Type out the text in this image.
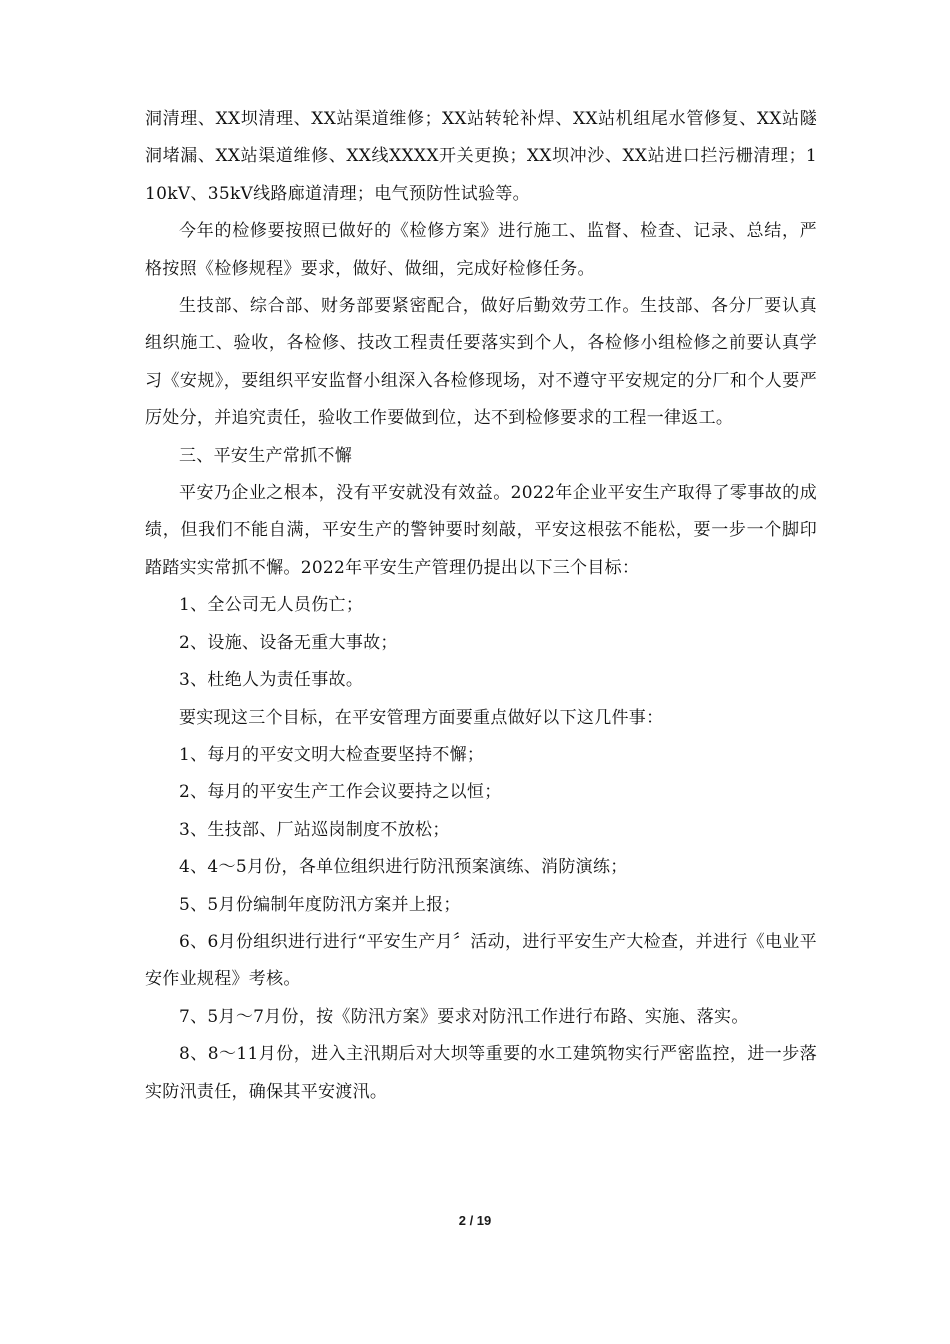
洞清理、XX坝清理、XX站渠道维修；XX站转轮补焊、XX站机组尾水管修复、XX站隧洞堵漏、XX站渠道维修、XX线XXXX开关更换；XX坝冲沙、XX站进口拦污栅清理；110kV、35kV线路廊道清理；电气预防性试验等。

今年的检修要按照已做好的《检修方案》进行施工、监督、检查、记录、总结，严格按照《检修规程》要求，做好、做细，完成好检修任务。

生技部、综合部、财务部要紧密配合，做好后勤效劳工作。生技部、各分厂要认真组织施工、验收，各检修、技改工程责任要落实到个人，各检修小组检修之前要认真学习《安规》，要组织平安监督小组深入各检修现场，对不遵守平安规定的分厂和个人要严厉处分，并追究责任，验收工作要做到位，达不到检修要求的工程一律返工。

三、平安生产常抓不懈

平安乃企业之根本，没有平安就没有效益。2022年企业平安生产取得了零事故的成绩，但我们不能自满，平安生产的警钟要时刻敲，平安这根弦不能松，要一步一个脚印踏踏实实常抓不懈。2022年平安生产管理仍提出以下三个目标：

1、全公司无人员伤亡；

2、设施、设备无重大事故；

3、杜绝人为责任事故。

要实现这三个目标，在平安管理方面要重点做好以下这几件事：

1、每月的平安文明大检查要坚持不懈；

2、每月的平安生产工作会议要持之以恒；

3、生技部、厂站巡岗制度不放松；

4、4～5月份，各单位组织进行防汛预案演练、消防演练；

5、5月份编制年度防汛方案并上报；

6、6月份组织进行进行“平安生产月〞活动，进行平安生产大检查，并进行《电业平安作业规程》考核。

7、5月～7月份，按《防汛方案》要求对防汛工作进行布路、实施、落实。

8、8～11月份，进入主汛期后对大坝等重要的水工建筑物实行严密监控，进一步落实防汛责任，确保其平安渡汛。

2 / 19
